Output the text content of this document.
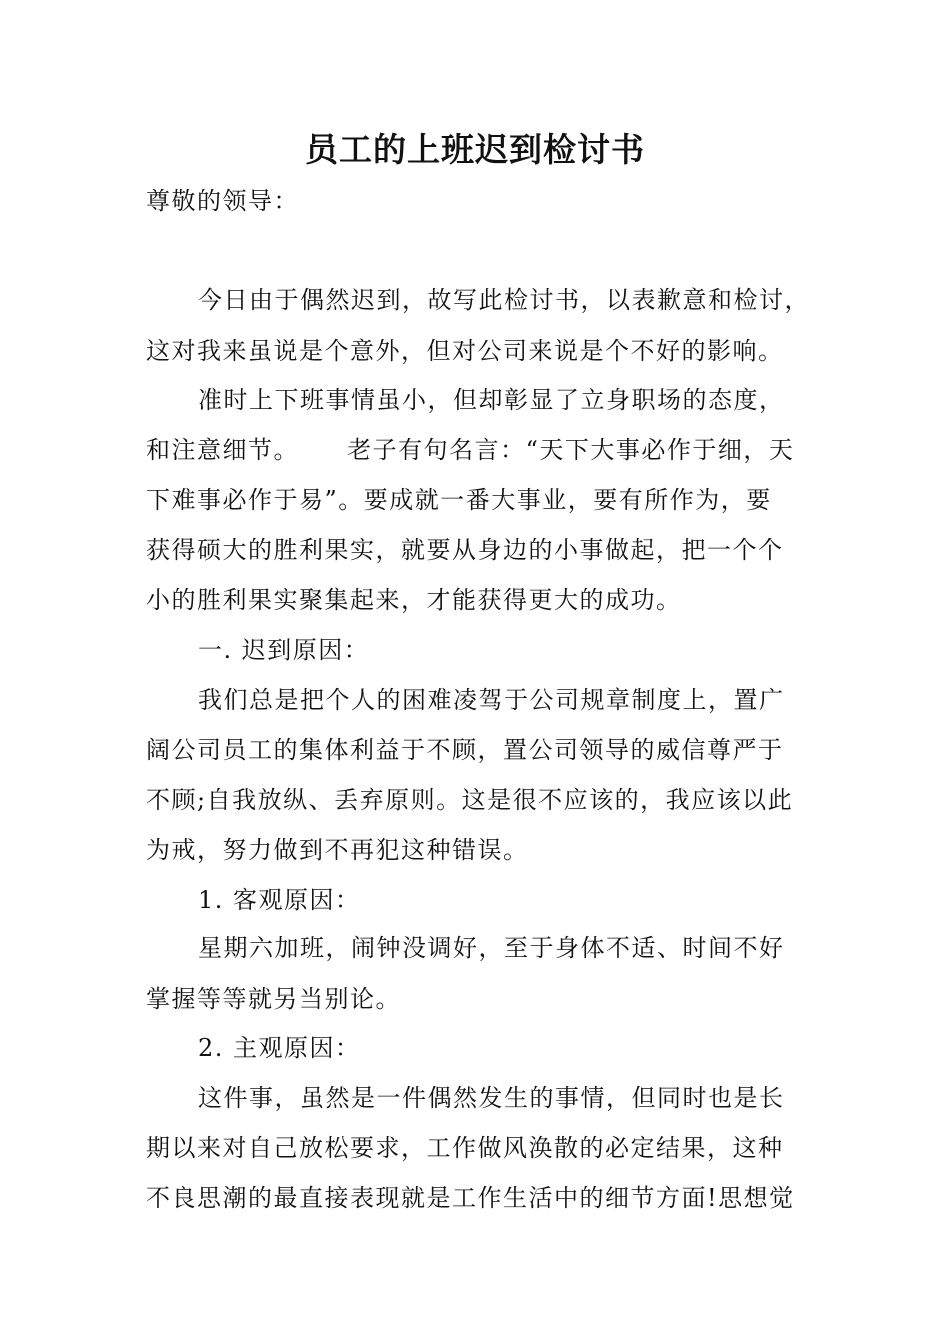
员工的上班迟到检讨书

尊敬的领导：

今日由于偶然迟到，故写此检讨书，以表歉意和检讨，

这对我来虽说是个意外，但对公司来说是个不好的影响。

准时上下班事情虽小，但却彰显了立身职场的态度，

和注意细节。　 　老子有句名言：“天下大事必作于细，天

下难事必作于易”。要成就一番大事业，要有所作为，要

获得硕大的胜利果实，就要从身边的小事做起，把一个个

小的胜利果实聚集起来，才能获得更大的成功。

一. 迟到原因：

我们总是把个人的困难凌驾于公司规章制度上，置广

阔公司员工的集体利益于不顾，置公司领导的威信尊严于

不顾;自我放纵、丢弃原则。这是很不应该的，我应该以此

为戒，努力做到不再犯这种错误。

1. 客观原因：

星期六加班，闹钟没调好，至于身体不适、时间不好

掌握等等就另当别论。

2. 主观原因：

这件事，虽然是一件偶然发生的事情，但同时也是长

期以来对自己放松要求，工作做风涣散的必定结果，这种

不良思潮的最直接表现就是工作生活中的细节方面!思想觉
